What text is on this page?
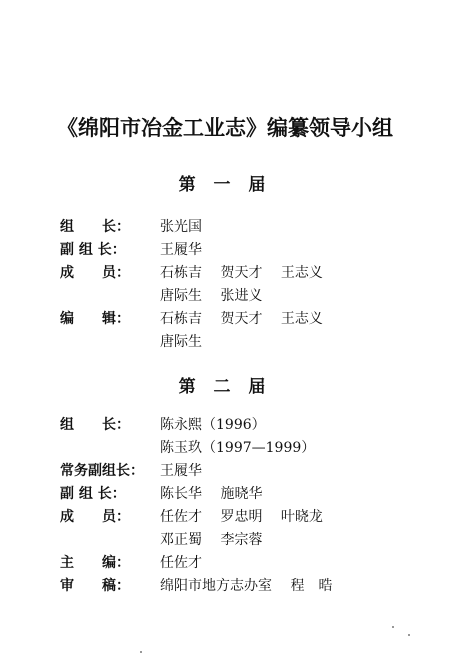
《绵阳市冶金工业志》编纂领导小组
第 一 届
组　　长：	张光国
副 组 长：	王履华
成　　员：	石栋吉 贺天才 王志义
唐际生 张进义
编　　辑：	石栋吉 贺天才 王志义
唐际生
第 二 届
组　　长：	陈永熙（1996）
陈玉玖（1997—1999）
常务副组长：	王履华
副 组 长：	陈长华 施晓华
成　　员：	任佐才 罗忠明 叶晓龙
邓正蜀 李宗蓉
主　　编：	任佐才
审　　稿：	绵阳市地方志办室 程　晧
